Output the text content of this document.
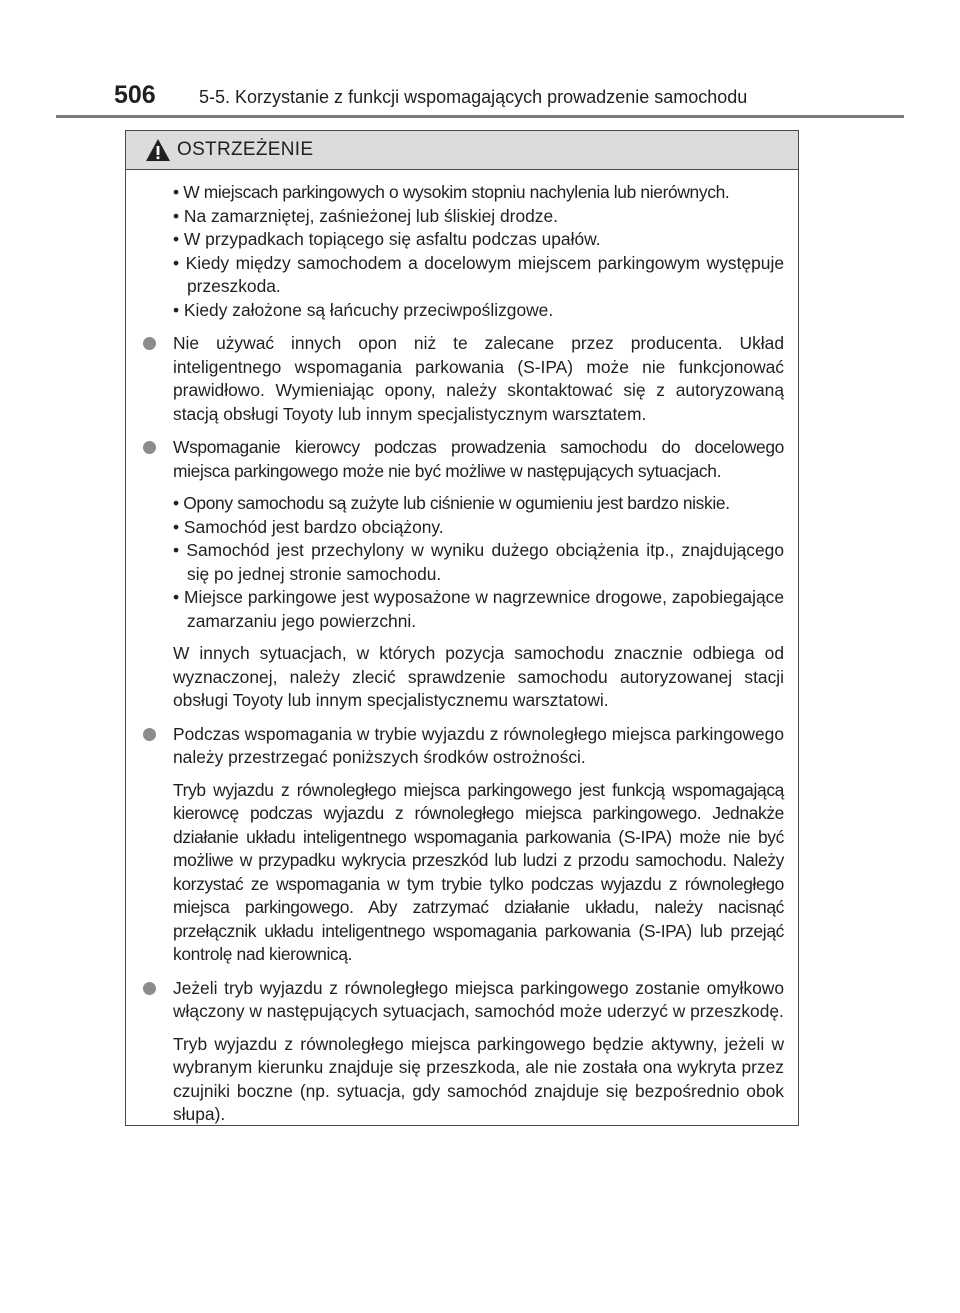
506 5-5. Korzystanie z funkcji wspomagających prowadzenie samochodu
OSTRZEŻENIE
• W miejscach parkingowych o wysokim stopniu nachylenia lub nierównych.
• Na zamarzniętej, zaśnieżonej lub śliskiej drodze.
• W przypadkach topiącego się asfaltu podczas upałów.
• Kiedy między samochodem a docelowym miejscem parkingowym występuje przeszkoda.
• Kiedy założone są łańcuchy przeciwpoślizgowe.
Nie używać innych opon niż te zalecane przez producenta. Układ inteligentnego wspomagania parkowania (S-IPA) może nie funkcjonować prawidłowo. Wymieniając opony, należy skontaktować się z autoryzowaną stacją obsługi Toyoty lub innym specjalistycznym warsztatem.
Wspomaganie kierowcy podczas prowadzenia samochodu do docelowego miejsca parkingowego może nie być możliwe w następujących sytuacjach.
• Opony samochodu są zużyte lub ciśnienie w ogumieniu jest bardzo niskie.
• Samochód jest bardzo obciążony.
• Samochód jest przechylony w wyniku dużego obciążenia itp., znajdującego się po jednej stronie samochodu.
• Miejsce parkingowe jest wyposażone w nagrzewnice drogowe, zapobiegające zamarzaniu jego powierzchni.
W innych sytuacjach, w których pozycja samochodu znacznie odbiega od wyznaczonej, należy zlecić sprawdzenie samochodu autoryzowanej stacji obsługi Toyoty lub innym specjalistycznemu warsztatowi.
Podczas wspomagania w trybie wyjazdu z równoległego miejsca parkingowego należy przestrzegać poniższych środków ostrożności.
Tryb wyjazdu z równoległego miejsca parkingowego jest funkcją wspomagającą kierowcę podczas wyjazdu z równoległego miejsca parkingowego. Jednakże działanie układu inteligentnego wspomagania parkowania (S-IPA) może nie być możliwe w przypadku wykrycia przeszkód lub ludzi z przodu samochodu. Należy korzystać ze wspomagania w tym trybie tylko podczas wyjazdu z równoległego miejsca parkingowego. Aby zatrzymać działanie układu, należy nacisnąć przełącznik układu inteligentnego wspomagania parkowania (S-IPA) lub przejąć kontrolę nad kierownicą.
Jeżeli tryb wyjazdu z równoległego miejsca parkingowego zostanie omyłkowo włączony w następujących sytuacjach, samochód może uderzyć w przeszkodę.
Tryb wyjazdu z równoległego miejsca parkingowego będzie aktywny, jeżeli w wybranym kierunku znajduje się przeszkoda, ale nie została ona wykryta przez czujniki boczne (np. sytuacja, gdy samochód znajduje się bezpośrednio obok słupa).
